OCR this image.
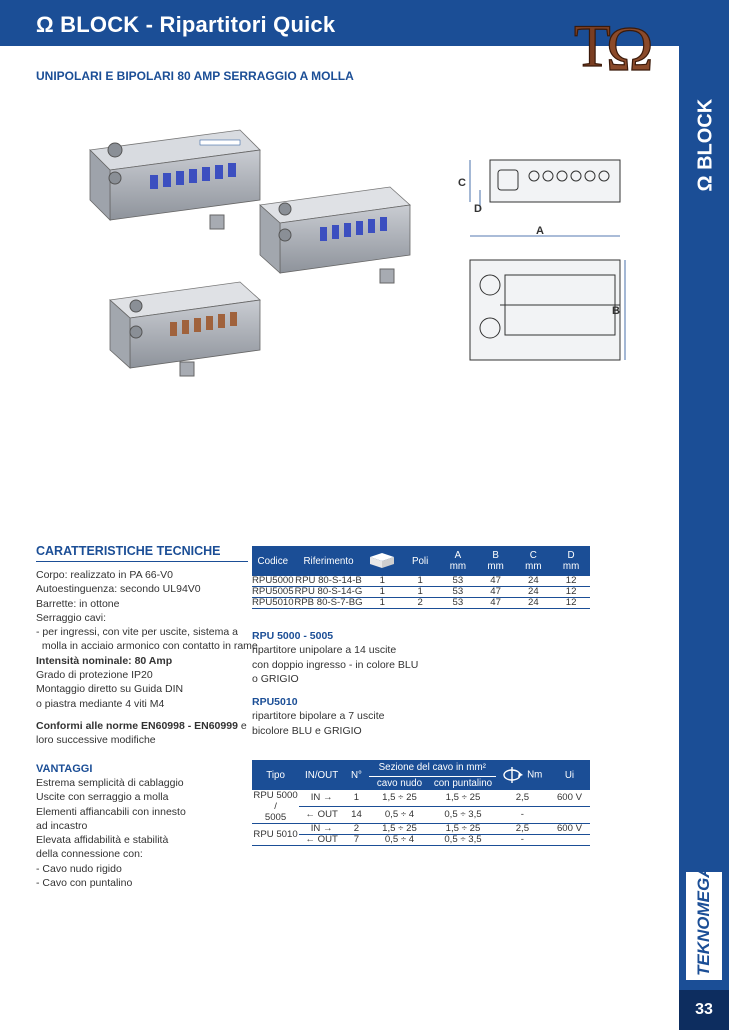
Ω BLOCK - Ripartitori Quick
UNIPOLARI E BIPOLARI 80 AMP SERRAGGIO A MOLLA	T
Ω
Ω BLOCK
TEKNOMEGA
33
C
D
A
B
CARATTERISTICHE TECNICHE
Corpo: realizzato in PA 66-V0
Autoestinguenza: secondo UL94V0
Barrette: in ottone
Serraggio cavi:
- per ingressi, con vite per uscite, sistema a
molla in acciaio armonico con contatto in rame
Intensità nominale: 80 Amp
Grado di protezione IP20
Montaggio diretto su Guida DIN
o piastra mediante 4 viti M4
Conformi alle norme EN60998 - EN60999 e
loro successive modifiche
VANTAGGI
Estrema semplicità di cablaggio
Uscite con serraggio a molla
Elementi affiancabili con innesto
ad incastro
Elevata affidabilità e stabilità
della connessione con:
- Cavo nudo rigido
- Cavo con puntalino
Codice	Riferimento		Poli	A
mm	B
mm	C
mm	D
mm
RPU5000	RPU 80-S-14-B	1	1	53	47	24	12
RPU5005	RPU 80-S-14-G	1	1	53	47	24	12
RPU5010	RPB 80-S-7-BG	1	2	53	47	24	12
RPU 5000 - 5005
ripartitore unipolare a 14 uscite
con doppio ingresso - in colore BLU
o GRIGIO
RPU5010
ripartitore bipolare a 7 uscite
bicolore BLU e GRIGIO
Tipo	IN/OUT	N°	Sezione del cavo in mm²		Nm	Ui
			cavo nudo	con puntalino		
RPU 5000 /
5005	IN →	1	1,5 ÷ 25	1,5 ÷ 25	2,5	600 V
	← OUT	14	0,5 ÷ 4	0,5 ÷ 3,5	-	
RPU 5010	IN →	2	1,5 ÷ 25	1,5 ÷ 25	2,5	600 V
	← OUT	7	0,5 ÷ 4	0,5 ÷ 3,5	-	
